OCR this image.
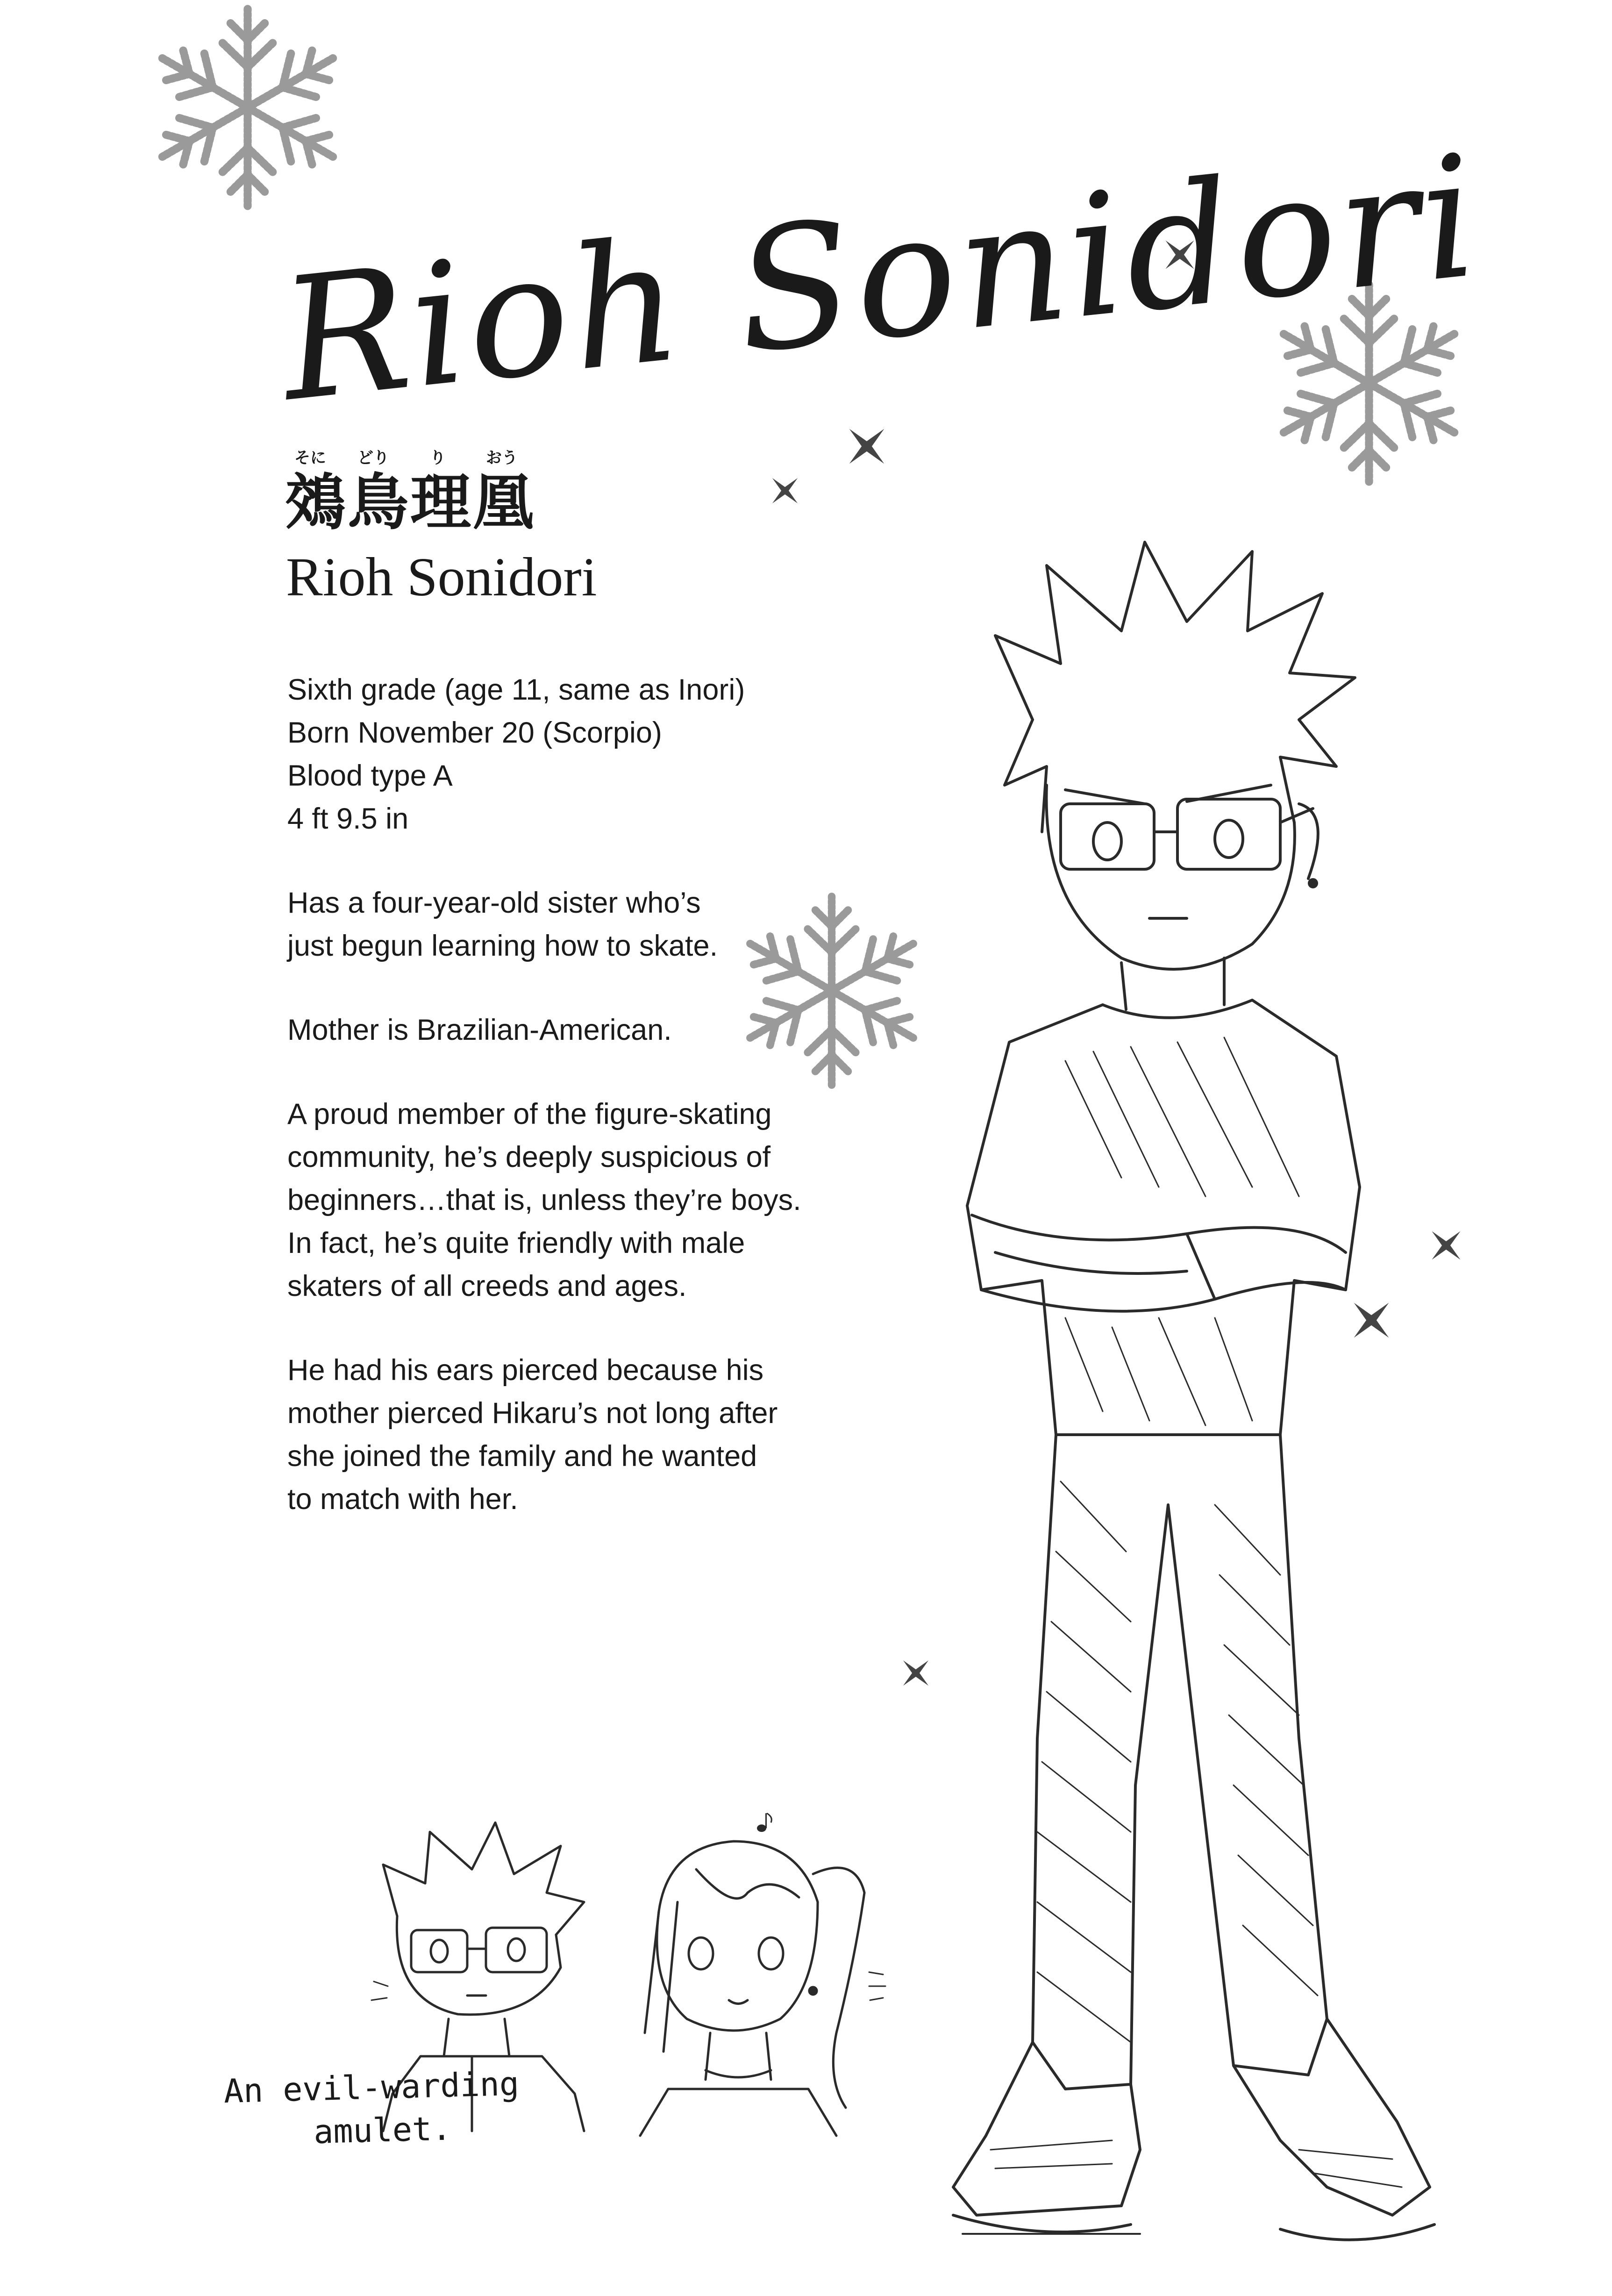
Rioh Sonidori
そに どり	り	おう
鵁鳥理凰
Rioh Sonidori
Sixth grade (age 11, same as Inori)
Born November 20 (Scorpio)
Blood type A
4 ft 9.5 in
Has a four-year-old sister who’s
just begun learning how to skate.
Mother is Brazilian-American.
A proud member of the figure-skating
community, he’s deeply suspicious of
beginners…that is, unless they’re boys.
In fact, he’s quite friendly with male
skaters of all creeds and ages.
He had his ears pierced because his
mother pierced Hikaru’s not long after
she joined the family and he wanted
to match with her.
An evil-warding
amulet.
